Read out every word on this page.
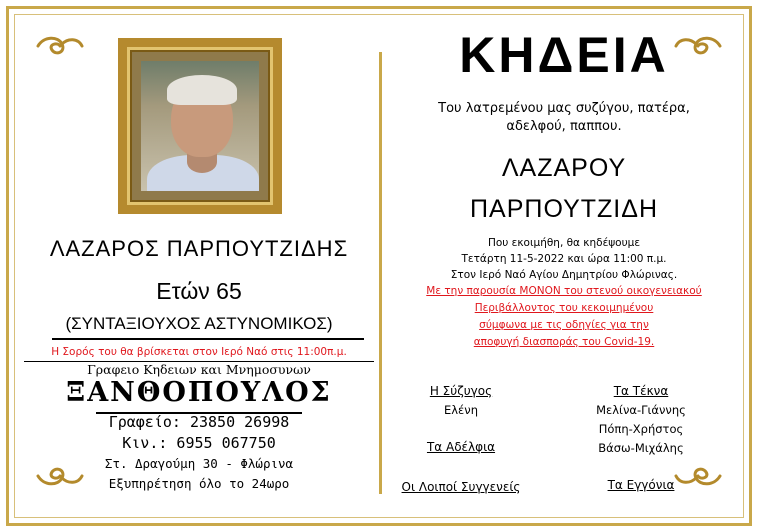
ΛΑΖΑΡΟΣ ΠΑΡΠΟΥΤΖΙΔΗΣ
Ετών 65
(ΣΥΝΤΑΞΙΟΥΧΟΣ ΑΣΤΥΝΟΜΙΚΟΣ)
Η Σορός του θα βρίσκεται στον Ιερό Ναό στις 11:00π.μ.
Γραφειο Κηδειων και Μνημοσυνων
ΞΑΝΘΟΠΟΥΛΟΣ
Γραφείο: 23850 26998
Κιν.: 6955 067750
Στ. Δραγούμη 30 - Φλώρινα
Εξυπηρέτηση όλο το 24ωρο
ΚΗΔΕΙΑ
Του λατρεμένου μας συζύγου, πατέρα,
αδελφού, παππου.
ΛΑΖΑΡΟΥ
ΠΑΡΠΟΥΤΖΙΔΗ
Που εκοιμήθη, θα κηδέψουμε
Τετάρτη 11-5-2022 και ώρα 11:00 π.μ.
Στον Ιερό Ναό Αγίου Δημητρίου Φλώρινας.
Με την παρουσία ΜΟΝΟΝ του στενού οικογενειακού
Περιβάλλοντος του κεκοιμημένου
σύμφωνα με τις οδηγίες για την
αποφυγή διασποράς του Covid-19.
Η Σύζυγος
Ελένη
Τα Τέκνα
Μελίνα-Γιάννης
Πόπη-Χρήστος
Βάσω-Μιχάλης
Τα Αδέλφια
Οι Λοιποί Συγγενείς	Τα Εγγόνια
